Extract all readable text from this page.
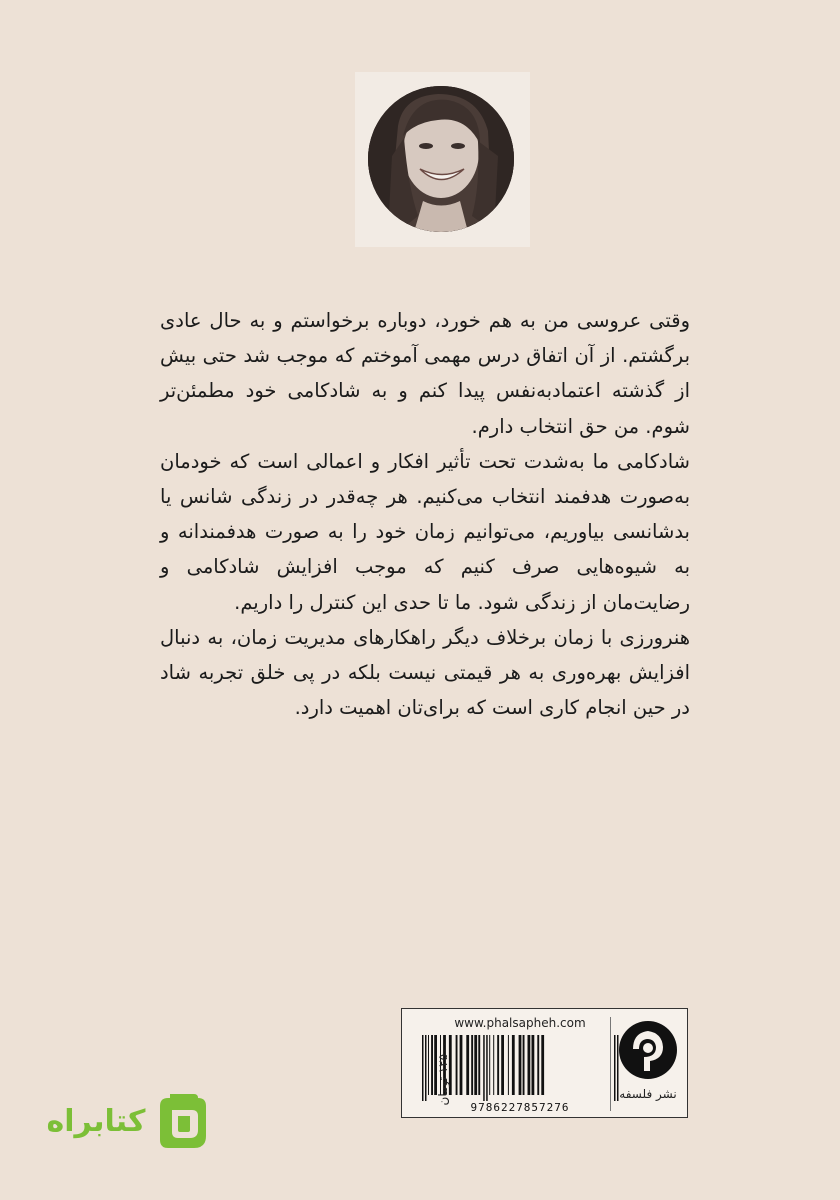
وقتی عروسی من به هم خورد، دوباره برخواستم و به حال عادی برگشتم. از آن اتفاق درس مهمی آموختم که موجب شد حتی بیش از گذشته اعتمادبه‌نفس پیدا کنم و به شادکامی خود مطمئن‌تر شوم. من حق انتخاب دارم.

شادکامی ما به‌شدت تحت تأثیر افکار و اعمالی است که خودمان به‌صورت هدفمند انتخاب می‌کنیم. هر چه‌قدر در زندگی شانس یا بدشانسی بیاوریم، می‌توانیم زمان خود را به صورت هدفمندانه و به شیوه‌هایی صرف کنیم که موجب افزایش شادکامی و رضایت‌مان از زندگی شود. ما تا حدی این کنترل را داریم.

هنرورزی با زمان برخلاف دیگر راهکارهای مدیریت زمان، به دنبال افزایش بهره‌وری به هر قیمتی نیست بلکه در پی خلق تجربه شاد در حین انجام کاری است که برای‌تان اهمیت دارد.

نشر فلسفه
www.phalsapheh.com
9786227857276
۱۲۵۰۰۰ تومان
کتابراه
